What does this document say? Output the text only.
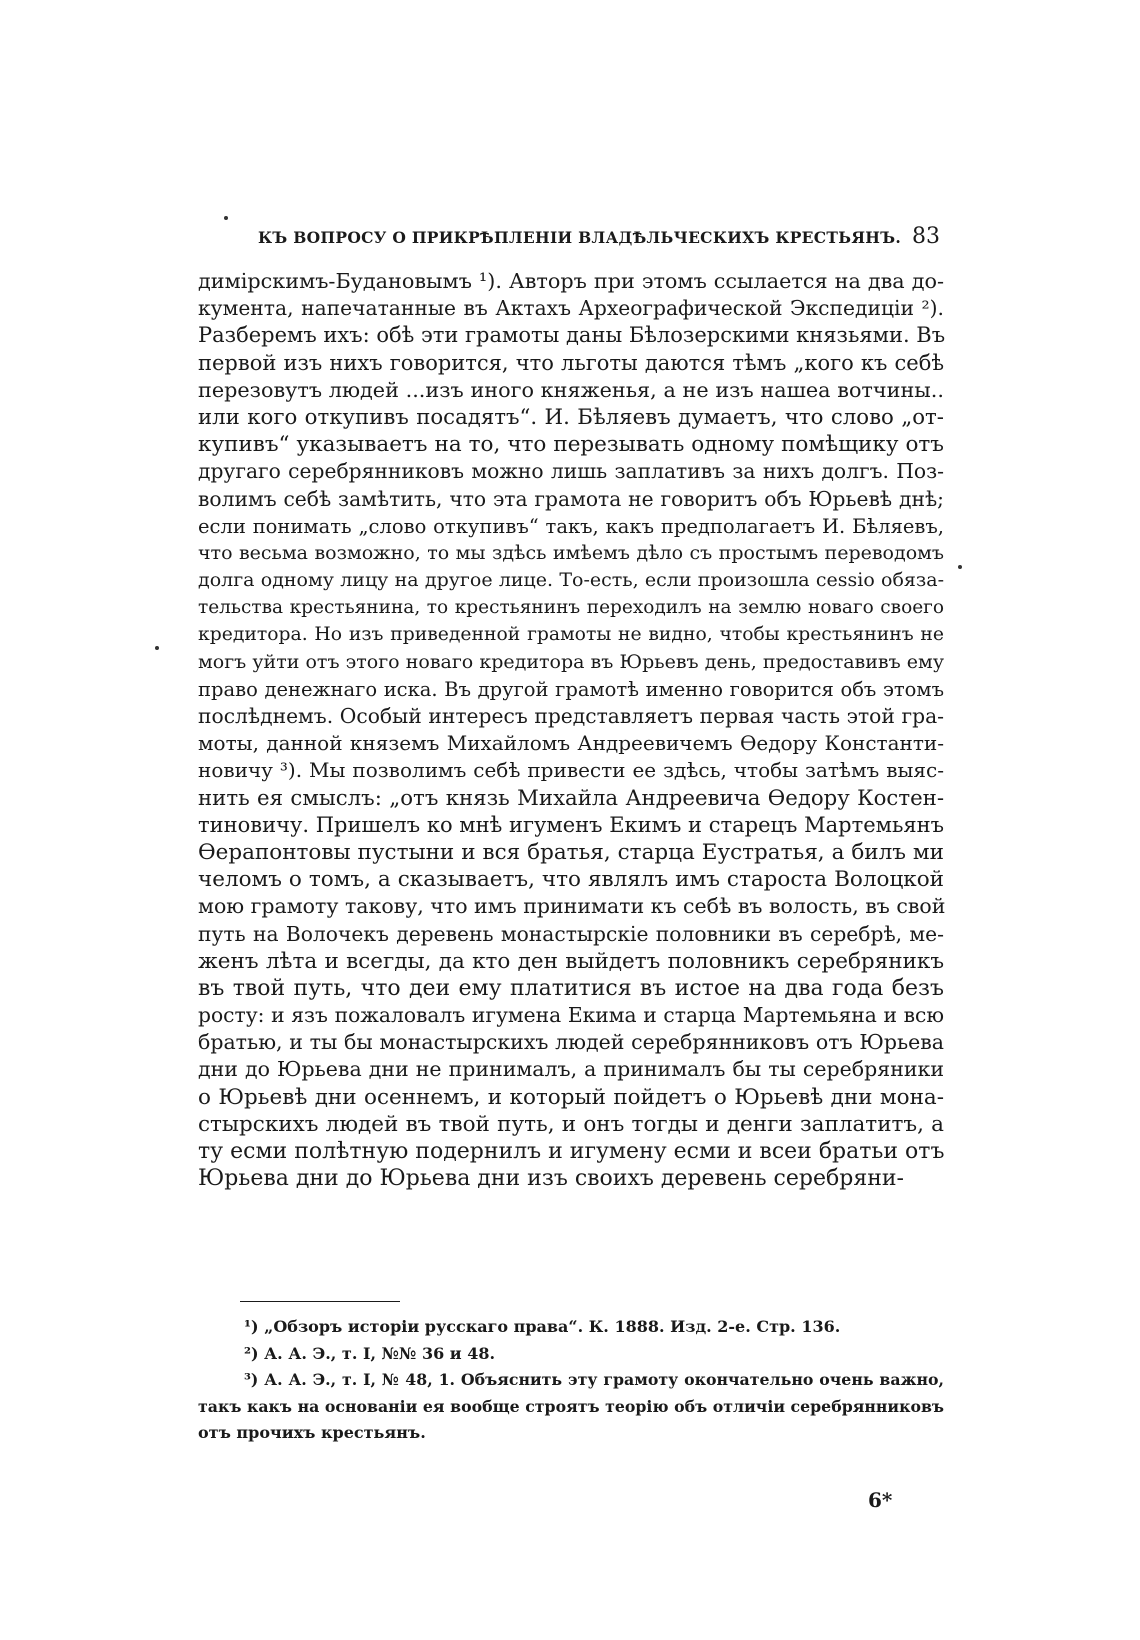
КЪ ВОПРОСУ О ПРИКРѢПЛЕНІИ ВЛАДѢЛЬЧЕСКИХЪ КРЕСТЬЯНЪ. 83
димірскимъ-Будановымъ ¹). Авторъ при этомъ ссылается на два до-
кумента, напечатанные въ Актахъ Археографической Экспедиціи ²).
Разберемъ ихъ: обѣ эти грамоты даны Бѣлозерскими князьями. Въ
первой изъ нихъ говорится, что льготы даются тѣмъ „кого къ себѣ
перезовутъ людей ...изъ иного княженья, а не изъ нашеа вотчины..
или кого откупивъ посадятъ“. И. Бѣляевъ думаетъ, что слово „от-
купивъ“ указываетъ на то, что перезывать одному помѣщику отъ
другаго серебрянниковъ можно лишь заплативъ за нихъ долгъ. Поз-
волимъ себѣ замѣтить, что эта грамота не говоритъ объ Юрьевѣ днѣ;
если понимать „слово откупивъ“ такъ, какъ предполагаетъ И. Бѣляевъ,
что весьма возможно, то мы здѣсь имѣемъ дѣло съ простымъ переводомъ
долга одному лицу на другое лице. То-есть, если произошла cessio обяза-
тельства крестьянина, то крестьянинъ переходилъ на землю новаго своего
кредитора. Но изъ приведенной грамоты не видно, чтобы крестьянинъ не
могъ уйти отъ этого новаго кредитора въ Юрьевъ день, предоставивъ ему
право денежнаго иска. Въ другой грамотѣ именно говорится объ этомъ
послѣднемъ. Особый интересъ представляетъ первая часть этой гра-
моты, данной княземъ Михайломъ Андреевичемъ Ѳедору Константи-
новичу ³). Мы позволимъ себѣ привести ее здѣсь, чтобы затѣмъ выяс-
нить ея смыслъ: „отъ князь Михайла Андреевича Ѳедору Костен-
тиновичу. Пришелъ ко мнѣ игуменъ Екимъ и старецъ Мартемьянъ
Ѳерапонтовы пустыни и вся братья, старца Еустратья, а билъ ми
челомъ о томъ, а сказываетъ, что являлъ имъ староста Волоцкой
мою грамоту такову, что имъ принимати къ себѣ въ волость, въ свой
путь на Волочекъ деревень монастырскіе половники въ серебрѣ, ме-
женъ лѣта и всегды, да кто ден выйдетъ половникъ серебряникъ
въ твой путь, что деи ему платитися въ истое на два года безъ
росту: и язъ пожаловалъ игумена Екима и старца Мартемьяна и всю
братью, и ты бы монастырскихъ людей серебрянниковъ отъ Юрьева
дни до Юрьева дни не принималъ, а принималъ бы ты серебряники
о Юрьевѣ дни осеннемъ, и который пойдетъ о Юрьевѣ дни мона-
стырскихъ людей въ твой путь, и онъ тогды и денги заплатитъ, а
ту есми полѣтную подернилъ и игумену есми и всеи братьи отъ
Юрьева дни до Юрьева дни изъ своихъ деревень серебряни-
¹) „Обзоръ исторіи русскаго права“. К. 1888. Изд. 2-е. Стр. 136.
²) А. А. Э., т. I, №№ 36 и 48.
³) А. А. Э., т. I, № 48, 1. Объяснить эту грамоту окончательно очень важно,
такъ какъ на основаніи ея вообще строятъ теорію объ отличіи серебрянниковъ
отъ прочихъ крестьянъ.
6*
